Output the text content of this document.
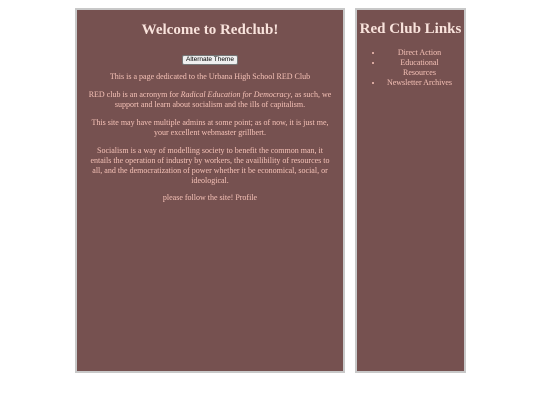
Welcome to Redclub!
Alternate Theme

This is a page dedicated to the Urbana High School RED Club

RED club is an acronym for Radical Education for Democracy, as such, we support and learn about socialism and the ills of capitalism.

This site may have multiple admins at some point; as of now, it is just me, your excellent webmaster grillbert.

Socialism is a way of modelling society to benefit the common man, it entails the operation of industry by workers, the availibility of resources to all, and the democratization of power whether it be economical, social, or ideological.

please follow the site! Profile

Red Club Links
• Direct Action
• Educational Resources
• Newsletter Archives
